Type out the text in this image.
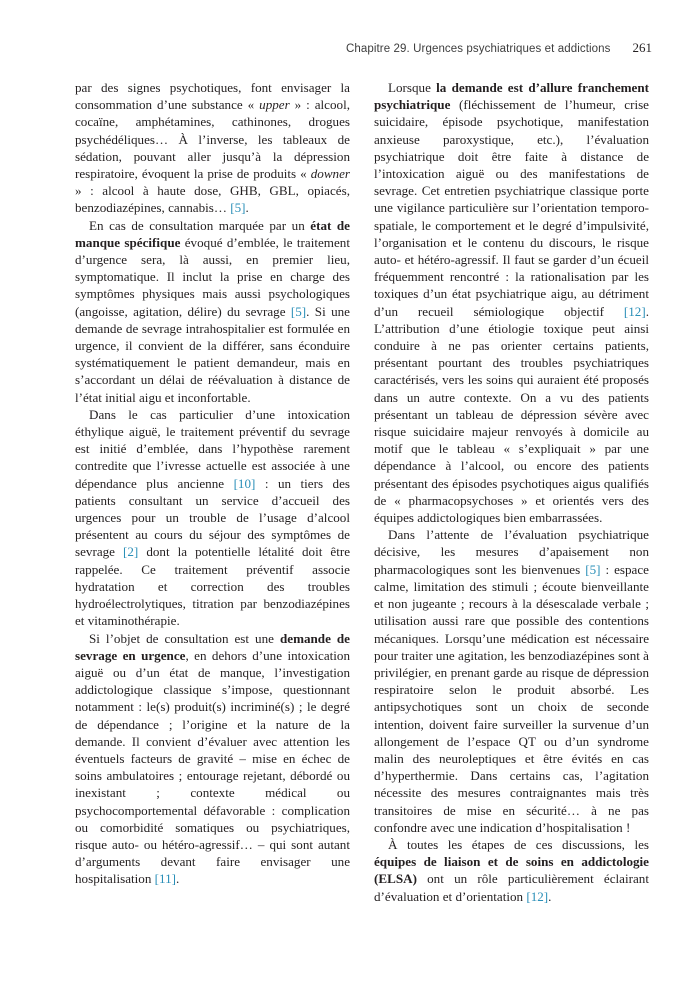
Chapitre 29. Urgences psychiatriques et addictions 261

par des signes psychotiques, font envisager la consommation d’une substance « upper » : alcool, cocaïne, amphétamines, cathinones, drogues psychédéliques… À l’inverse, les tableaux de sédation, pouvant aller jusqu’à la dépression respiratoire, évoquent la prise de produits « downer » : alcool à haute dose, GHB, GBL, opiacés, benzodiazépines, cannabis… [5].

En cas de consultation marquée par un état de manque spécifique évoqué d’emblée, le traitement d’urgence sera, là aussi, en premier lieu, symptomatique. Il inclut la prise en charge des symptômes physiques mais aussi psychologiques (angoisse, agitation, délire) du sevrage [5]. Si une demande de sevrage intrahospitalier est formulée en urgence, il convient de la différer, sans éconduire systématiquement le patient demandeur, mais en s’accordant un délai de réévaluation à distance de l’état initial aigu et inconfortable.

Dans le cas particulier d’une intoxication éthylique aiguë, le traitement préventif du sevrage est initié d’emblée, dans l’hypothèse rarement contredite que l’ivresse actuelle est associée à une dépendance plus ancienne [10] : un tiers des patients consultant un service d’accueil des urgences pour un trouble de l’usage d’alcool présentent au cours du séjour des symptômes de sevrage [2] dont la potentielle létalité doit être rappelée. Ce traitement préventif associe hydratation et correction des troubles hydroélectrolytiques, titration par benzodiazépines et vitaminothérapie.

Si l’objet de consultation est une demande de sevrage en urgence, en dehors d’une intoxication aiguë ou d’un état de manque, l’investigation addictologique classique s’impose, questionnant notamment : le(s) produit(s) incriminé(s) ; le degré de dépendance ; l’origine et la nature de la demande. Il convient d’évaluer avec attention les éventuels facteurs de gravité – mise en échec de soins ambulatoires ; entourage rejetant, débordé ou inexistant ; contexte médical ou psychocomportemental défavorable : complication ou comorbidité somatiques ou psychiatriques, risque auto- ou hétéro-agressif… – qui sont autant d’arguments devant faire envisager une hospitalisation [11].

Lorsque la demande est d’allure franchement psychiatrique (fléchissement de l’humeur, crise suicidaire, épisode psychotique, manifestation anxieuse paroxystique, etc.), l’évaluation psychiatrique doit être faite à distance de l’intoxication aiguë ou des manifestations de sevrage. Cet entretien psychiatrique classique porte une vigilance particulière sur l’orientation temporo-spatiale, le comportement et le degré d’impulsivité, l’organisation et le contenu du discours, le risque auto- et hétéro-agressif. Il faut se garder d’un écueil fréquemment rencontré : la rationalisation par les toxiques d’un état psychiatrique aigu, au détriment d’un recueil sémiologique objectif [12]. L’attribution d’une étiologie toxique peut ainsi conduire à ne pas orienter certains patients, présentant pourtant des troubles psychiatriques caractérisés, vers les soins qui auraient été proposés dans un autre contexte. On a vu des patients présentant un tableau de dépression sévère avec risque suicidaire majeur renvoyés à domicile au motif que le tableau « s’expliquait » par une dépendance à l’alcool, ou encore des patients présentant des épisodes psychotiques aigus qualifiés de « pharmacopsychoses » et orientés vers des équipes addictologiques bien embarrassées.

Dans l’attente de l’évaluation psychiatrique décisive, les mesures d’apaisement non pharmacologiques sont les bienvenues [5] : espace calme, limitation des stimuli ; écoute bienveillante et non jugeante ; recours à la désescalade verbale ; utilisation aussi rare que possible des contentions mécaniques. Lorsqu’une médication est nécessaire pour traiter une agitation, les benzodiazépines sont à privilégier, en prenant garde au risque de dépression respiratoire selon le produit absorbé. Les antipsychotiques sont un choix de seconde intention, doivent faire surveiller la survenue d’un allongement de l’espace QT ou d’un syndrome malin des neuroleptiques et être évités en cas d’hyperthermie. Dans certains cas, l’agitation nécessite des mesures contraignantes mais très transitoires de mise en sécurité… à ne pas confondre avec une indication d’hospitalisation !

À toutes les étapes de ces discussions, les équipes de liaison et de soins en addictologie (ELSA) ont un rôle particulièrement éclairant d’évaluation et d’orientation [12].
